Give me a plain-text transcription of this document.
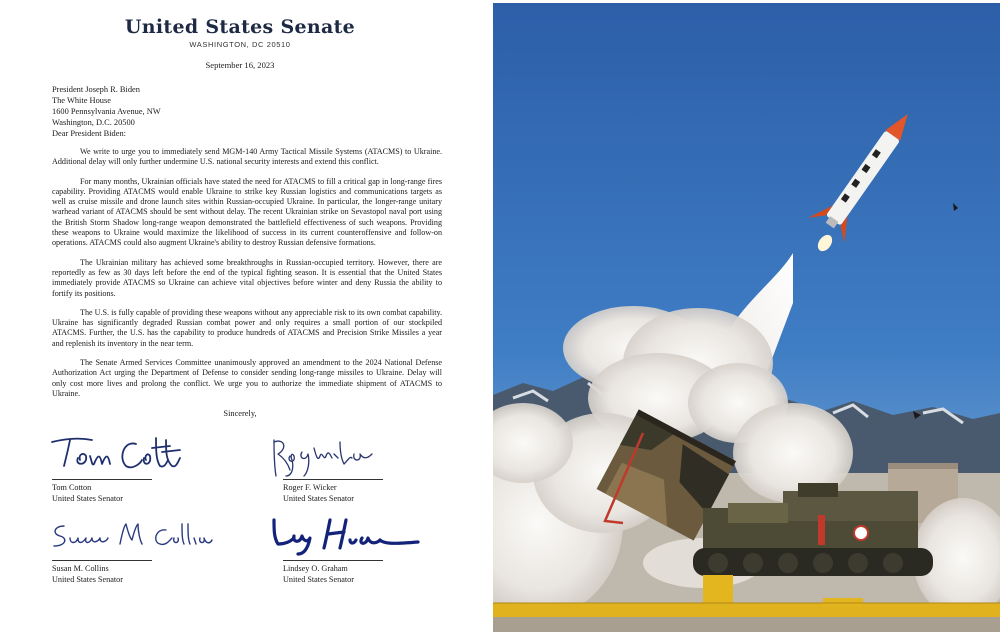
United States Senate
WASHINGTON, DC 20510
September 16, 2023
President Joseph R. Biden
The White House
1600 Pennsylvania Avenue, NW
Washington, D.C. 20500
Dear President Biden:

We write to urge you to immediately send MGM-140 Army Tactical Missile Systems (ATACMS) to Ukraine. Additional delay will only further undermine U.S. national security interests and extend this conflict.

For many months, Ukrainian officials have stated the need for ATACMS to fill a critical gap in long-range fires capability. Providing ATACMS would enable Ukraine to strike key Russian logistics and communications targets as well as cruise missile and drone launch sites within Russian-occupied Ukraine. In particular, the longer-range unitary warhead variant of ATACMS should be sent without delay. The recent Ukrainian strike on Sevastopol naval port using the British Storm Shadow long-range weapon demonstrated the battlefield effectiveness of such weapons. Providing these weapons to Ukraine would maximize the likelihood of success in its current counteroffensive and follow-on operations. ATACMS could also augment Ukraine's ability to destroy Russian defensive formations.

The Ukrainian military has achieved some breakthroughs in Russian-occupied territory. However, there are reportedly as few as 30 days left before the end of the typical fighting season. It is essential that the United States immediately provide ATACMS so Ukraine can achieve vital objectives before winter and deny Russia the ability to fortify its positions.

The U.S. is fully capable of providing these weapons without any appreciable risk to its own combat capability. Ukraine has significantly degraded Russian combat power and only requires a small portion of our stockpiled ATACMS. Further, the U.S. has the capability to produce hundreds of ATACMS and Precision Strike Missiles a year and replenish its inventory in the near term.

The Senate Armed Services Committee unanimously approved an amendment to the 2024 National Defense Authorization Act urging the Department of Defense to consider sending long-range missiles to Ukraine. Delay will only cost more lives and prolong the conflict. We urge you to authorize the immediate shipment of ATACMS to Ukraine.

Sincerely,
Tom Cotton
United States Senator
Roger F. Wicker
United States Senator
Susan M. Collins
United States Senator
Lindsey O. Graham
United States Senator
